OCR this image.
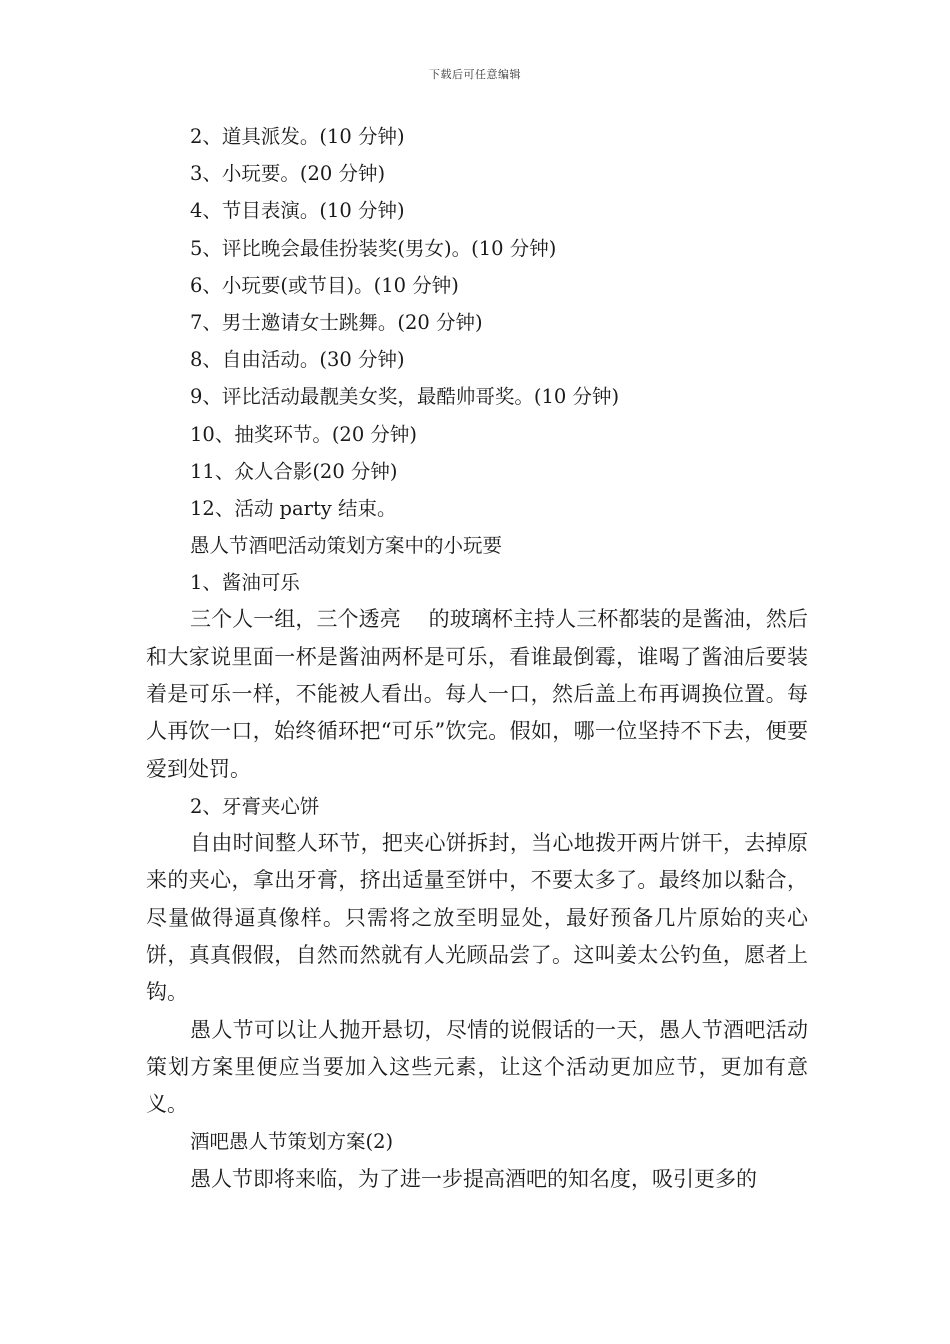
下载后可任意编辑
2、道具派发。(10 分钟)
3、小玩要。(20 分钟)
4、节目表演。(10 分钟)
5、评比晚会最佳扮装奖(男女)。(10 分钟)
6、小玩要(或节目)。(10 分钟)
7、男士邀请女士跳舞。(20 分钟)
8、自由活动。(30 分钟)
9、评比活动最靓美女奖，最酷帅哥奖。(10 分钟)
10、抽奖环节。(20 分钟)
11、众人合影(20 分钟)
12、活动 party 结束。
愚人节酒吧活动策划方案中的小玩要
1、酱油可乐

三个人一组，三个透亮　 的玻璃杯主持人三杯都装的是酱油，然后和大家说里面一杯是酱油两杯是可乐，看谁最倒霉，谁喝了酱油后要装着是可乐一样，不能被人看出。每人一口，然后盖上布再调换位置。每人再饮一口，始终循环把“可乐”饮完。假如，哪一位坚持不下去，便要爱到处罚。

2、牙膏夹心饼

自由时间整人环节，把夹心饼拆封，当心地拨开两片饼干，去掉原来的夹心，拿出牙膏，挤出适量至饼中，不要太多了。最终加以黏合，尽量做得逼真像样。只需将之放至明显处，最好预备几片原始的夹心饼，真真假假，自然而然就有人光顾品尝了。这叫姜太公钓鱼，愿者上钩。

愚人节可以让人抛开悬切，尽情的说假话的一天，愚人节酒吧活动策划方案里便应当要加入这些元素，让这个活动更加应节，更加有意义。

酒吧愚人节策划方案(2)

愚人节即将来临，为了进一步提高酒吧的知名度，吸引更多的
